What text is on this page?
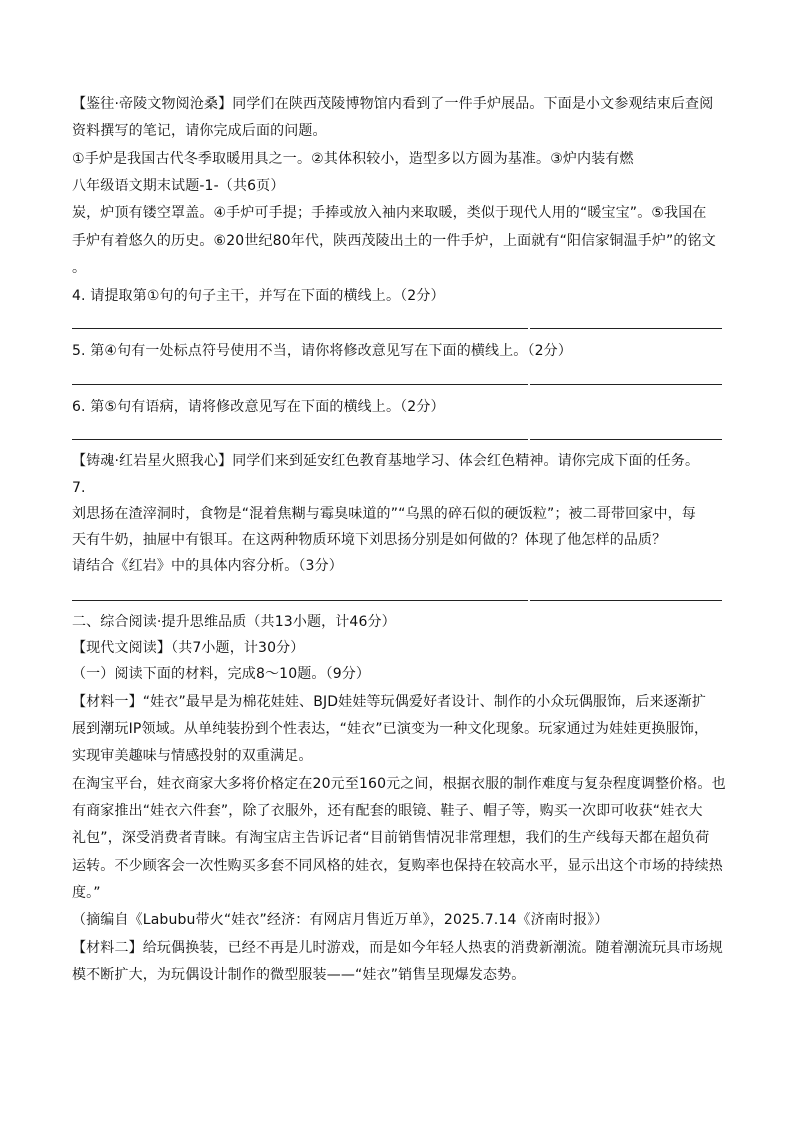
【鉴往·帝陵文物阅沧桑】同学们在陕西茂陵博物馆内看到了一件手炉展品。下面是小文参观结束后查阅
资料撰写的笔记，请你完成后面的问题。
①手炉是我国古代冬季取暖用具之一。②其体积较小，造型多以方圆为基准。③炉内装有燃
八年级语文期末试题-1-（共6页）
炭，炉顶有镂空罩盖。④手炉可手提；手捧或放入袖内来取暖，类似于现代人用的“暖宝宝”。⑤我国在
手炉有着悠久的历史。⑥20世纪80年代，陕西茂陵出土的一件手炉，上面就有“阳信家铜温手炉”的铭文
。
4. 请提取第①句的句子主干，并写在下面的横线上。（2分）
5. 第④句有一处标点符号使用不当，请你将修改意见写在下面的横线上。（2分）
6. 第⑤句有语病，请将修改意见写在下面的横线上。（2分）
【铸魂·红岩星火照我心】同学们来到延安红色教育基地学习、体会红色精神。请你完成下面的任务。
7.
刘思扬在渣滓洞时，食物是“混着焦糊与霉臭味道的”“乌黑的碎石似的硬饭粒”；被二哥带回家中，每
天有牛奶，抽屉中有银耳。在这两种物质环境下刘思扬分别是如何做的？体现了他怎样的品质？
请结合《红岩》中的具体内容分析。（3分）
二、综合阅读·提升思维品质（共13小题，计46分）
【现代文阅读】（共7小题，计30分）
（一）阅读下面的材料，完成8～10题。（9分）
【材料一】“娃衣”最早是为棉花娃娃、BJD娃娃等玩偶爱好者设计、制作的小众玩偶服饰，后来逐渐扩
展到潮玩IP领域。从单纯装扮到个性表达，“娃衣”已演变为一种文化现象。玩家通过为娃娃更换服饰，
实现审美趣味与情感投射的双重满足。
在淘宝平台，娃衣商家大多将价格定在20元至160元之间，根据衣服的制作难度与复杂程度调整价格。也
有商家推出“娃衣六件套”，除了衣服外，还有配套的眼镜、鞋子、帽子等，购买一次即可收获“娃衣大
礼包”，深受消费者青睐。有淘宝店主告诉记者“目前销售情况非常理想，我们的生产线每天都在超负荷
运转。不少顾客会一次性购买多套不同风格的娃衣，复购率也保持在较高水平，显示出这个市场的持续热
度。”
（摘编自《Labubu带火“娃衣”经济：有网店月售近万单》，2025.7.14《济南时报》）
【材料二】给玩偶换装，已经不再是儿时游戏，而是如今年轻人热衷的消费新潮流。随着潮流玩具市场规
模不断扩大，为玩偶设计制作的微型服装——“娃衣”销售呈现爆发态势。
